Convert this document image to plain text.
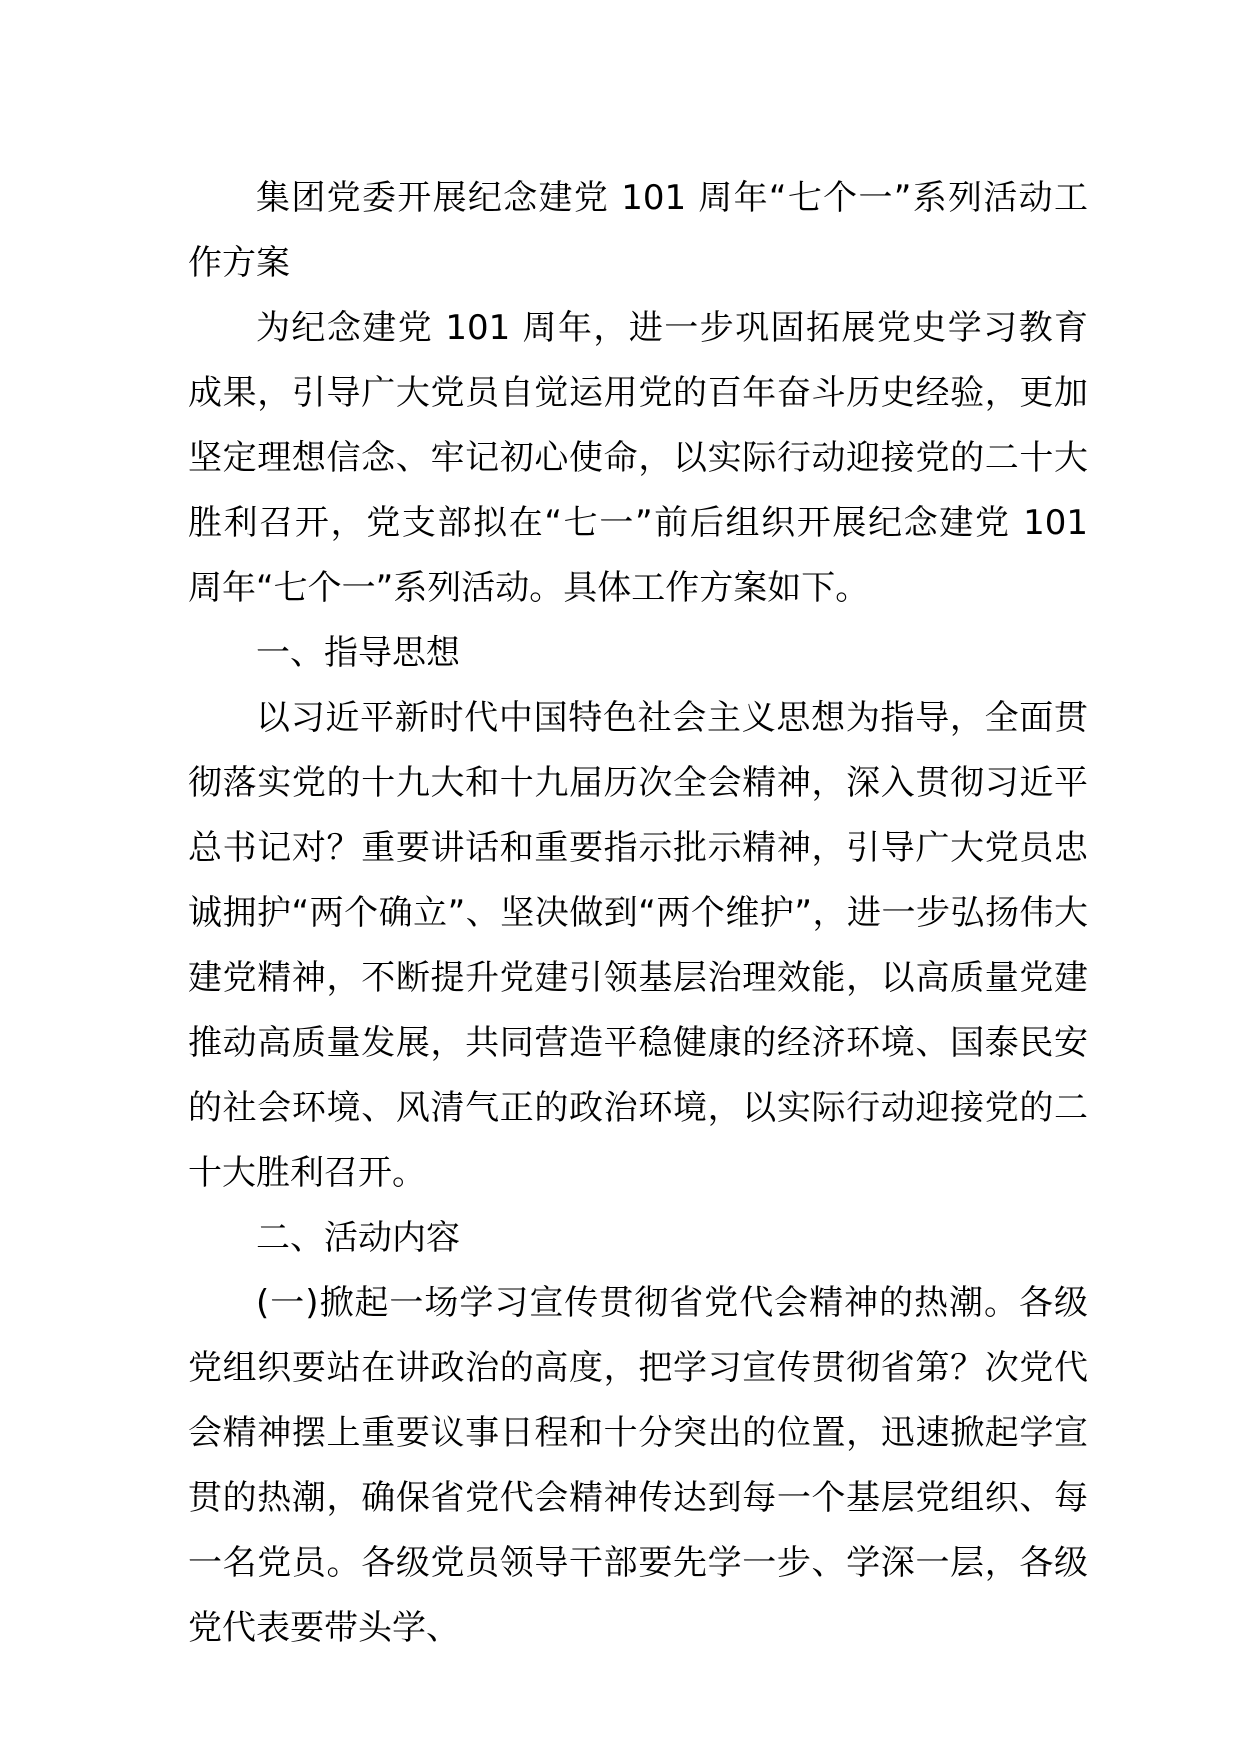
集团党委开展纪念建党 101 周年“七个一”系列活动工作方案

为纪念建党 101 周年，进一步巩固拓展党史学习教育成果，引导广大党员自觉运用党的百年奋斗历史经验，更加坚定理想信念、牢记初心使命，以实际行动迎接党的二十大胜利召开，党支部拟在“七一”前后组织开展纪念建党 101 周年“七个一”系列活动。具体工作方案如下。

一、指导思想

以习近平新时代中国特色社会主义思想为指导，全面贯彻落实党的十九大和十九届历次全会精神，深入贯彻习近平总书记对？重要讲话和重要指示批示精神，引导广大党员忠诚拥护“两个确立”、坚决做到“两个维护”，进一步弘扬伟大建党精神，不断提升党建引领基层治理效能，以高质量党建推动高质量发展，共同营造平稳健康的经济环境、国泰民安的社会环境、风清气正的政治环境，以实际行动迎接党的二十大胜利召开。

二、活动内容

(一)掀起一场学习宣传贯彻省党代会精神的热潮。各级党组织要站在讲政治的高度，把学习宣传贯彻省第？次党代会精神摆上重要议事日程和十分突出的位置，迅速掀起学宣贯的热潮，确保省党代会精神传达到每一个基层党组织、每一名党员。各级党员领导干部要先学一步、学深一层，各级党代表要带头学、
